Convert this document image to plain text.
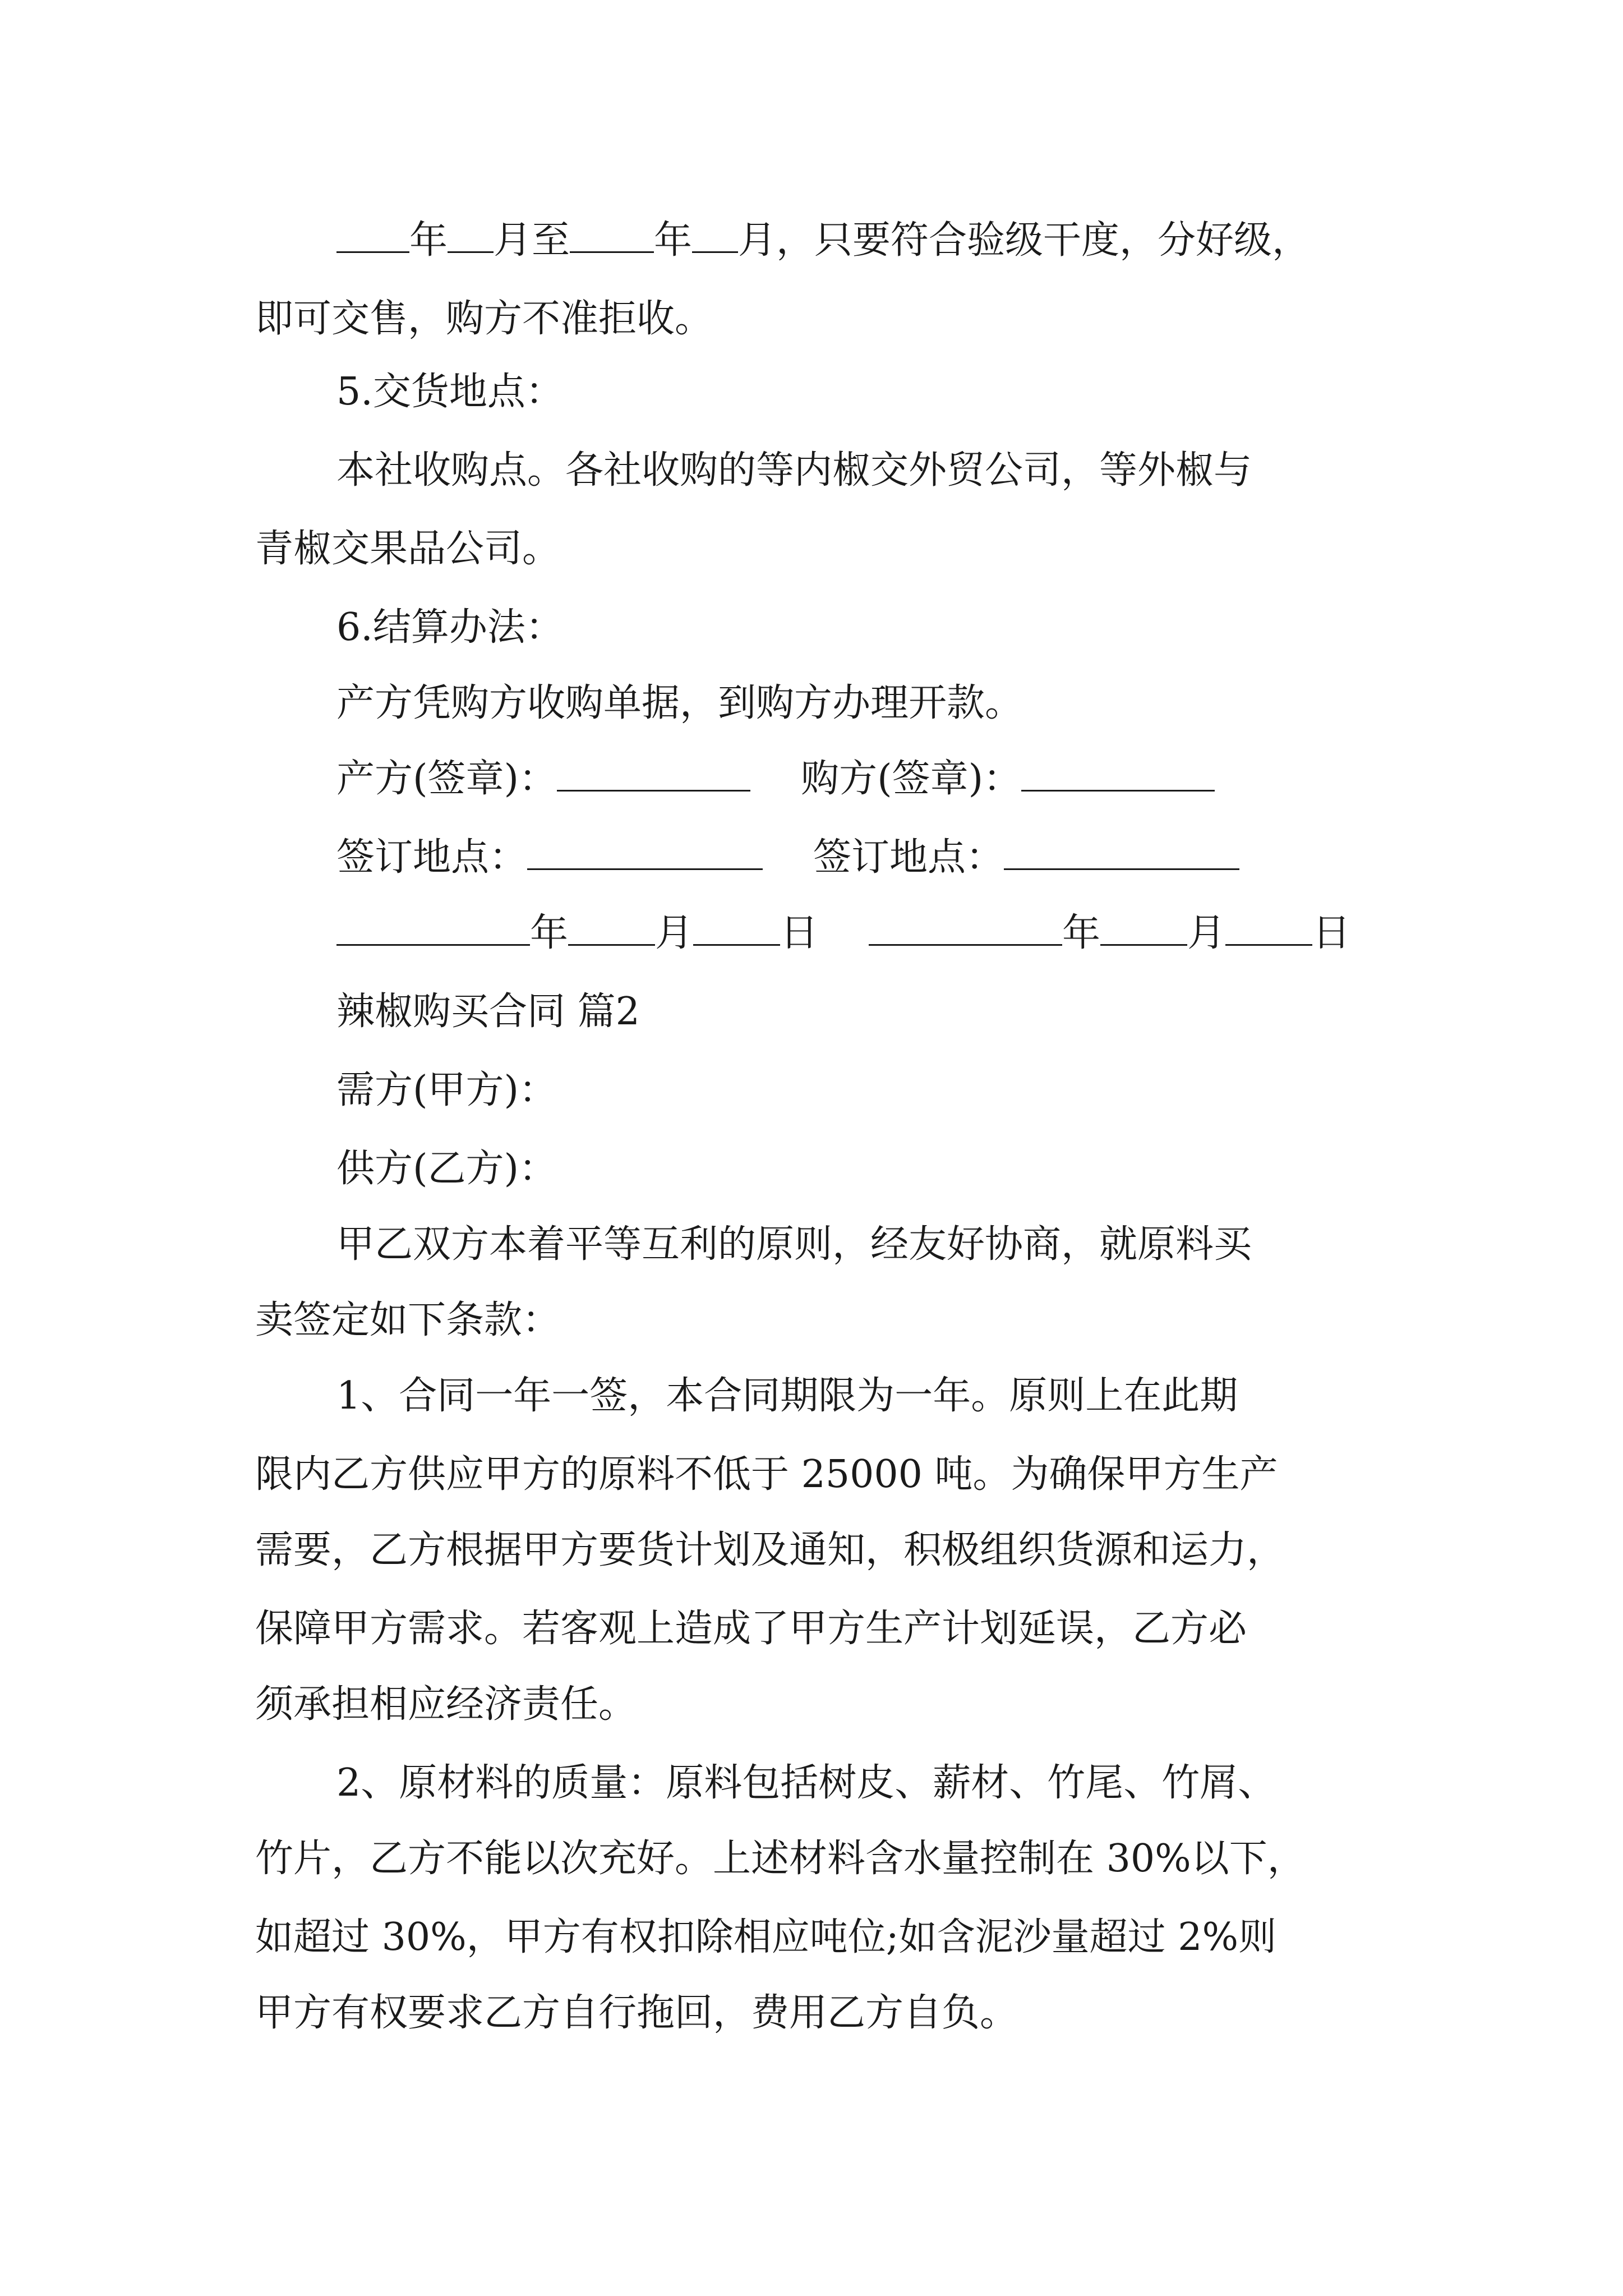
年 月至 年 月，只要符合验级干度，分好级，
即可交售，购方不准拒收。
5.交货地点：
本社收购点。各社收购的等内椒交外贸公司，等外椒与
青椒交果品公司。
6.结算办法：
产方凭购方收购单据，到购方办理开款。
产方(签章)：	购方(签章)：
签订地点：	签订地点：
年 月 日	年 月 日
辣椒购买合同 篇2
需方(甲方)：
供方(乙方)：
甲乙双方本着平等互利的原则，经友好协商，就原料买
卖签定如下条款：
1、合同一年一签，本合同期限为一年。原则上在此期
限内乙方供应甲方的原料不低于 25000 吨。为确保甲方生产
需要，乙方根据甲方要货计划及通知，积极组织货源和运力，
保障甲方需求。若客观上造成了甲方生产计划延误，乙方必
须承担相应经济责任。
2、原材料的质量：原料包括树皮、薪材、竹尾、竹屑、
竹片，乙方不能以次充好。上述材料含水量控制在 30%以下，
如超过 30%，甲方有权扣除相应吨位;如含泥沙量超过 2%则
甲方有权要求乙方自行拖回，费用乙方自负。
